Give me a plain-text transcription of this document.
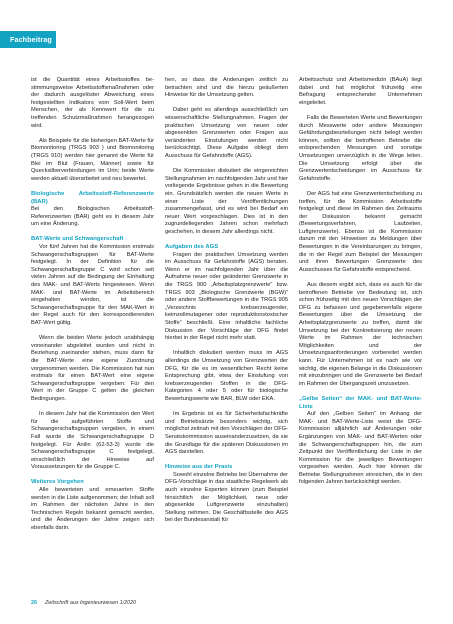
Fachbeitrag

ist die Quantität eines Arbeitsstoffes be-stimmungsweise Arbeitsstoffsmaßnahmen oder der dadurch ausgelöster Abweichung eines festgestellten Indikators vom Soll-Wert beim Menschen, der als Kennwert für die zu treffenden Schutzmaßnahmen herangezogen wird.

Als Beispiele für die bisherigen BAT-Werte für Biomonitoring (TRGS 903 ) und Biomonitoring (TRGS 910) werden hier genannt die Werte für Blei im Blut (Frauen, Männer) sowie für Quecksilberverbindungen im Urin; beide Werte werden aktuell überarbeitet und neu bewertet.

Biologische Arbeitsstoff-Referenzwerte (BAR)

Bei den Biologischen Arbeitsstoff-Referenzwerten (BAR) geht es in diesem Jahr um eine Änderung.

BAT-Werte und Schwangerschaft

Vor fünf Jahren hat die Kommission erstmals Schwangerschaftsgruppen für BAT-Werte festgelegt. In der Definition für die Schwangerschaftsgruppe C wird schon seit vielen Jahren auf die Bedingung der Einhaltung des MAK- und BAT-Werts hingewiesen. Wenn MAK- und BAT-Werte im Arbeitsbereich eingehalten werden, ist die Schwangerschaftsgruppe für den MAK-Wert in der Regel auch für den korrespondierenden BAT-Wert gültig.

Wenn die beiden Werte jedoch unabhängig voneinander abgeleitet wurden und nicht in Beziehung zueinander stehen, muss dann für die BAT-Werte eine eigene Zuordnung vorgenommen werden. Die Kommission hat nun erstmals für einen BAT-Wert eine eigene Schwangerschaftsgruppe vergeben: Für den Wert in der Gruppe C gelten die gleichen Bedingungen.

In diesem Jahr hat die Kommission den Wert für die aufgeführten Stoffe und Schwangerschaftsgruppen vergeben, in einem Fall wurde die Schwangerschaftsgruppe D festgelegt. Für Anilin (62-53-3) wurde die Schwangerschaftsgruppe C festgelegt, einschließlich der Hinweise auf Voraussetzungen für die Gruppe C.

Weiteres Vorgehen

Alle bewerteten und erneuerten Stoffe werden in die Liste aufgenommen; der Inhalt soll im Rahmen der nächsten Jahre in den Technischen Regeln bekannt gemacht werden, und die Änderungen der Jahre zeigen sich ebenfalls darin.

hen, so dass die Änderungen zeitlich zu betrachten sind und die hierzu geäußerten Hinweise für die Umsetzung gelten.

Dabei geht es allerdings ausschließlich um wissenschaftliche Stellungnahmen. Fragen der praktischen Umsetzung von neuen oder abgesenkten Grenzwerten oder Fragen aus veränderten Einstufungen werden nicht berücksichtigt. Diese Aufgabe obliegt dem Ausschuss für Gefahrstoffe (AGS).

Die Kommission diskutiert die eingereichten Stellungnahmen im nachfolgenden Jahr und hier vorliegende Ergebnisse gehen in die Bewertung ein. Grundsätzlich werden die neuen Werte in einer Liste der Veröffentlichungen zusammengefasst, und es wird bei Bedarf ein neuer Wert vorgeschlagen. Dies ist in den zugrundeliegenden Jahren schon mehrfach geschehen, in diesem Jahr allerdings nicht.

Aufgaben des AGS

Fragen der praktischen Umsetzung werden im Ausschuss für Gefahrstoffe (AGS) beraten. Wenn er im nachfolgenden Jahr über die Aufnahme neuer oder geänderter Grenzwerte in die TRGS 900 „Arbeitsplatzgrenzwerte“ bzw. TRGS 903 „Biologische Grenzwerte (BGW)“ oder andere Stoffbewertungen in die TRGS 905 „Verzeichnis krebserzeugender, keimzellmutagener oder reproduktionstoxischer Stoffe“ beschließt. Eine inhaltliche fachliche Diskussion der Vorschläge der DFG findet hierbei in der Regel nicht mehr statt.

Inhaltlich diskutiert werden muss im AGS allerdings die Umsetzung von Grenzwerten der DFG, für die es im wesentlichen Recht keine Entsprechung gibt, etwa der Einstufung von krebserzeugenden Stoffen in die DFG-Kategorien 4 oder 5 oder für biologische Bewertungswerte wie BAR, BLW oder EKA.

Im Ergebnis ist es für Sicherheitsfachkräfte und Betriebsärzte besonders wichtig, sich möglichst zeitnah mit den Vorschlägen der DFG-Senatskommission auseinanderzusetzen, da sie die Grundlage für die späteren Diskussionen im AGS darstellen.

Hinweise aus der Praxis

Sowohl einzelne Betriebe bei Übernahme der DFG-Vorschläge in das staatliche Regelwerk als auch einzelne Experten können (zum Beispiel hinsichtlich der Möglichkeit, neue oder abgesenkte Luftgrenzwerte einzuhalten) Stellung nehmen. Die Geschäftsstelle des AGS bei der Bundesanstalt für

Arbeitsschutz und Arbeitsmedizin (BAuA) liegt dabei und hat möglichst frühzeitig eine Befragung entsprechender Unternehmen eingeleitet.

Falls die Bewerteten Werte und Bewertungen durch Messwerte oder andere Messungen Gefährdungsbeurteilungen nicht belegt werden können, sollten die betroffenen Betriebe die entsprechenden Messungen und sonstige Umsetzungen unverzüglich in die Wege leiten. Die Umsetzung erfolgt über die Grenzwertentscheidungen im Ausschuss für Gefahrstoffe.

Der AGS hat eine Grenzwertentscheidung zu treffen, für die Kommission Arbeitsstoffe festgelegt und diese im Rahmen des Zeitraums der Diskussion bekannt gemacht (Bewertungsverfahren, Laufzeiten, Luftgrenzwerte). Ebenso ist die Kommission darum mit den Hinweisen zu Meldungen über Bewertungen in die Vereinbarungen zu bringen, die in der Regel zum Beispiel der Messungen und ihren Bewertungen Grenzwerte des Ausschusses für Gefahrstoffe entsprechend.

Aus diesem ergibt sich, dass es auch für die betroffenen Betriebe vor Bedeutung ist, sich schon frühzeitig mit den neuen Vorschlägen der DFG zu befassen und gegebenenfalls eigene Bewertungen über die Umsetzung der Arbeitsplatzgrenzwerte zu treffen, damit die Umsetzung bei der Konkretisierung der neuen Werte im Rahmen der technischen Möglichkeiten und der Umsetzungsanforderungen vorbereitet werden kann. Für Unternehmen ist es nach wie vor wichtig, die eigenen Belange in die Diskussionen mit einzubringen und die Grenzwerte bei Bedarf im Rahmen der Übergangszeit umzusetzen.

„Gelbe Seiten“ der MAK- und BAT-Werte-Liste

Auf den „Gelben Seiten“ im Anhang der MAK- und BAT-Werte-Liste weist die DFG-Kommission alljährlich auf Änderungen oder Ergänzungen von MAK- und BAT-Werten oder die Schwangerschaftsgruppen hin, die zum Zeitpunkt der Veröffentlichung der Liste in der Kommission für die jeweiligen Bewertungen vorgesehen werden. Auch hier können die Betriebe Stellungnahmen einreichen, die in den folgenden Jahren berücksichtigt werden.

26 Zeitschrift aus Ingenieurwesen 1/2020
